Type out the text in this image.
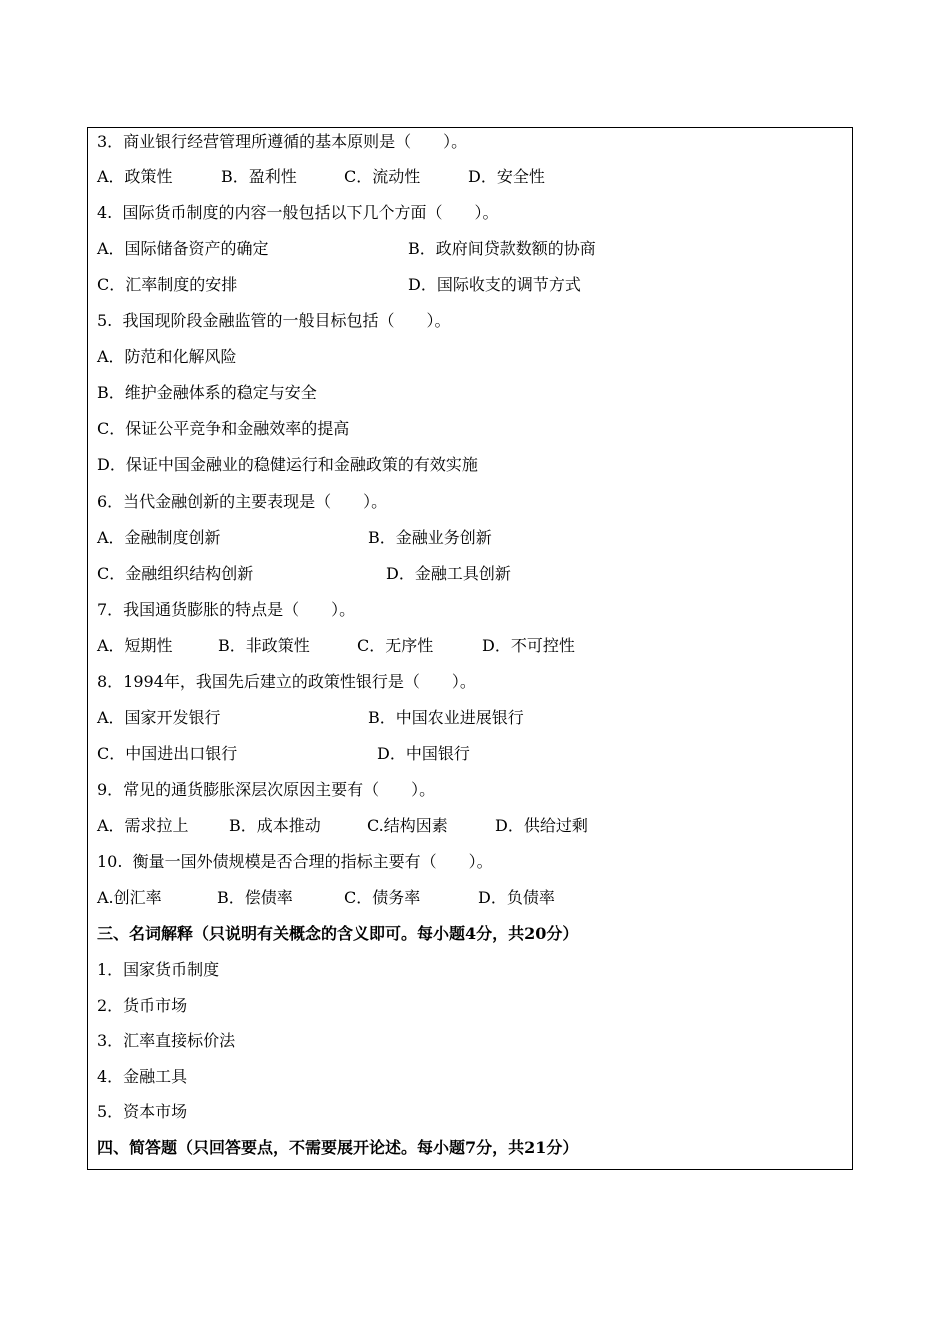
3．商业银行经营管理所遵循的基本原则是（　　）。
A．政策性	B．盈利性	C．流动性	D．安全性
4.  国际货币制度的内容一般包括以下几个方面（　　）。
A．国际储备资产的确定	B．政府间贷款数额的协商
C．汇率制度的安排	D．国际收支的调节方式
5.  我国现阶段金融监管的一般目标包括（　　）。
A．防范和化解风险
B．维护金融体系的稳定与安全
C．保证公平竞争和金融效率的提高
D．保证中国金融业的稳健运行和金融政策的有效实施
6．当代金融创新的主要表现是（　　）。
A．金融制度创新	B．金融业务创新
C．金融组织结构创新	D．金融工具创新
7．我国通货膨胀的特点是（　　）。
A．短期性	B．非政策性	C．无序性	D．不可控性
8．1994年，我国先后建立的政策性银行是（　　）。
A．国家开发银行	B．中国农业进展银行
C．中国进出口银行	D．中国银行
9．常见的通货膨胀深层次原因主要有（　　）。
A．需求拉上	B．成本推动	C.结构因素	D．供给过剩
10.  衡量一国外债规模是否合理的指标主要有（　　）。
A.创汇率	B．偿债率	C．债务率	D．负债率
三、名词解释（只说明有关概念的含义即可。每小题4分，共20分）
1．国家货币制度
2．货币市场
3．汇率直接标价法
4．金融工具
5．资本市场
四、简答题（只回答要点，不需要展开论述。每小题7分，共21分）
